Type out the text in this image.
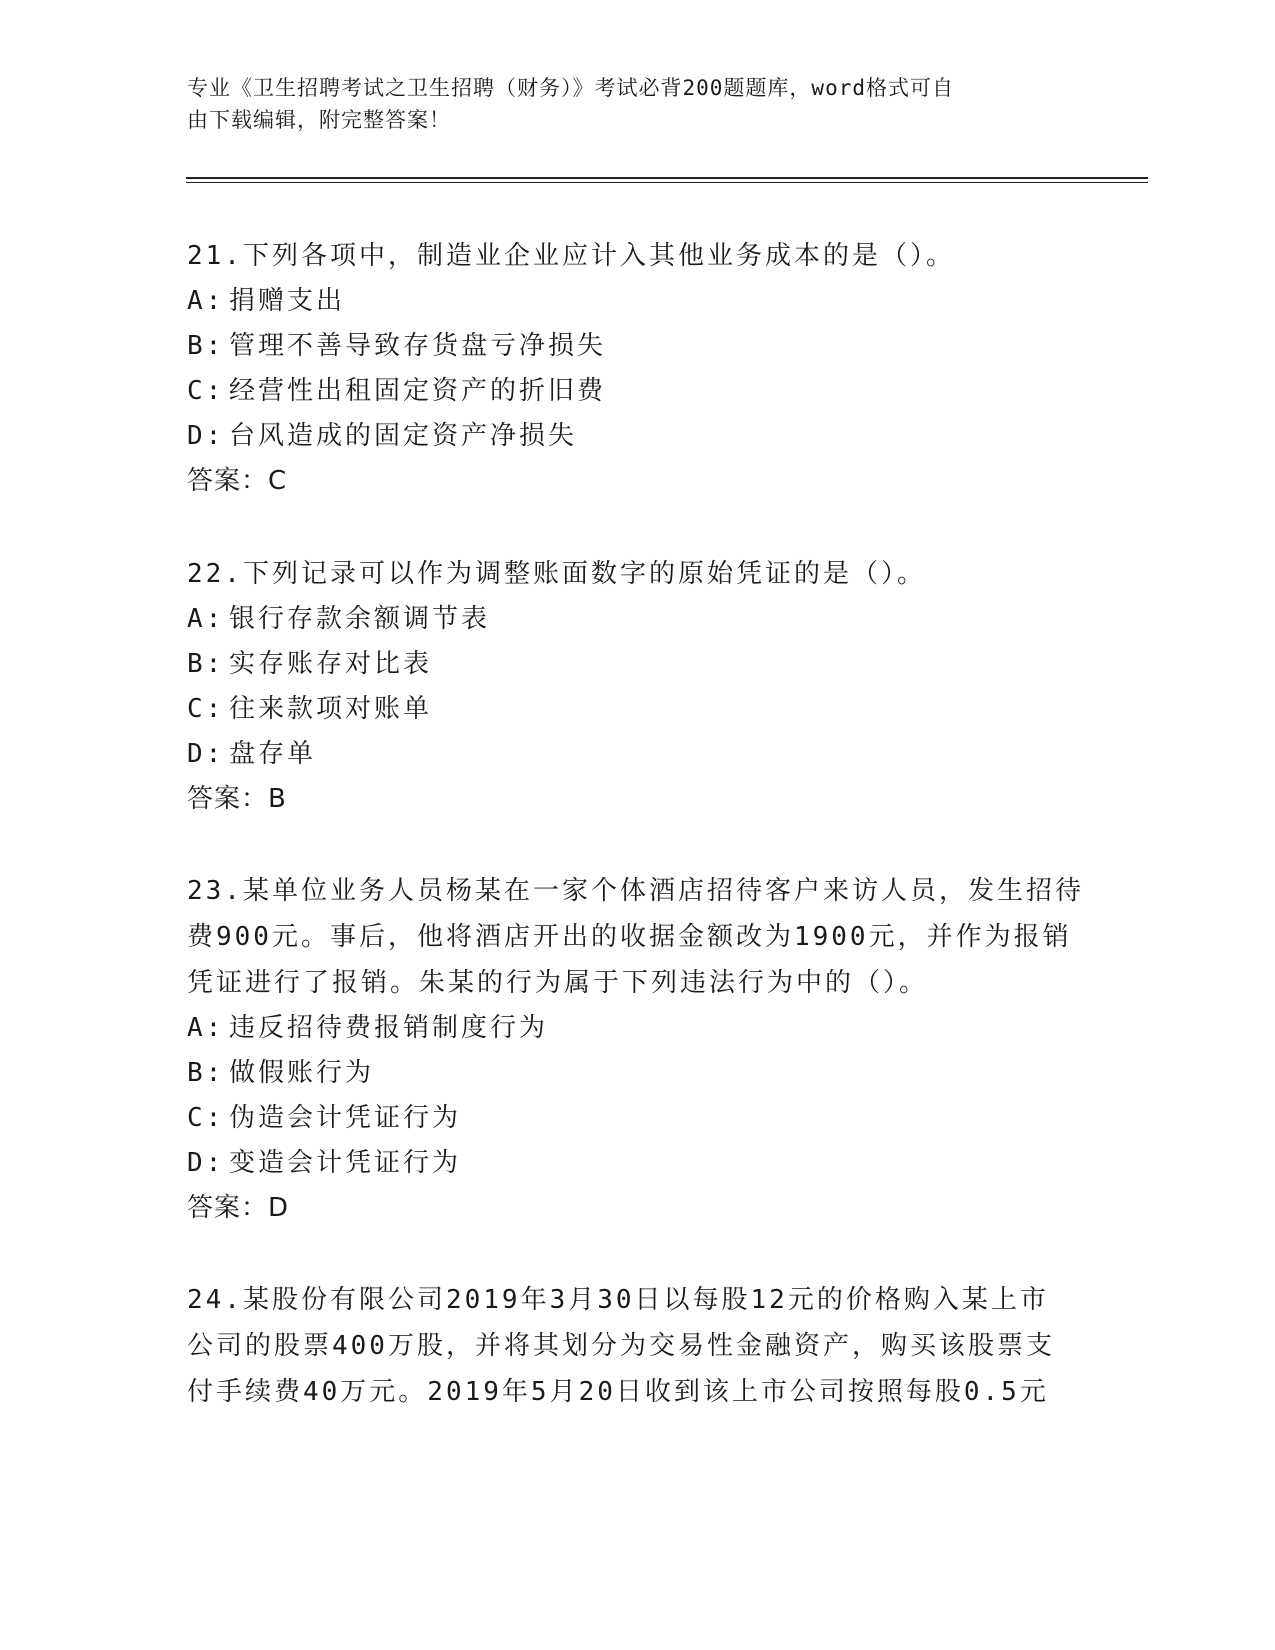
专业《卫生招聘考试之卫生招聘（财务）》考试必背200题题库，word格式可自
由下载编辑，附完整答案！

21.下列各项中，制造业企业应计入其他业务成本的是（）。

A: 捐赠支出

B: 管理不善导致存货盘亏净损失

C: 经营性出租固定资产的折旧费

D: 台风造成的固定资产净损失

答案：C

22.下列记录可以作为调整账面数字的原始凭证的是（）。

A: 银行存款余额调节表

B: 实存账存对比表

C: 往来款项对账单

D: 盘存单

答案：B

23.某单位业务人员杨某在一家个体酒店招待客户来访人员，发生招待

费900元。事后，他将酒店开出的收据金额改为1900元，并作为报销

凭证进行了报销。朱某的行为属于下列违法行为中的（）。

A: 违反招待费报销制度行为

B: 做假账行为

C: 伪造会计凭证行为

D: 变造会计凭证行为

答案：D

24.某股份有限公司2019年3月30日以每股12元的价格购入某上市

公司的股票400万股，并将其划分为交易性金融资产，购买该股票支

付手续费40万元。2019年5月20日收到该上市公司按照每股0.5元
